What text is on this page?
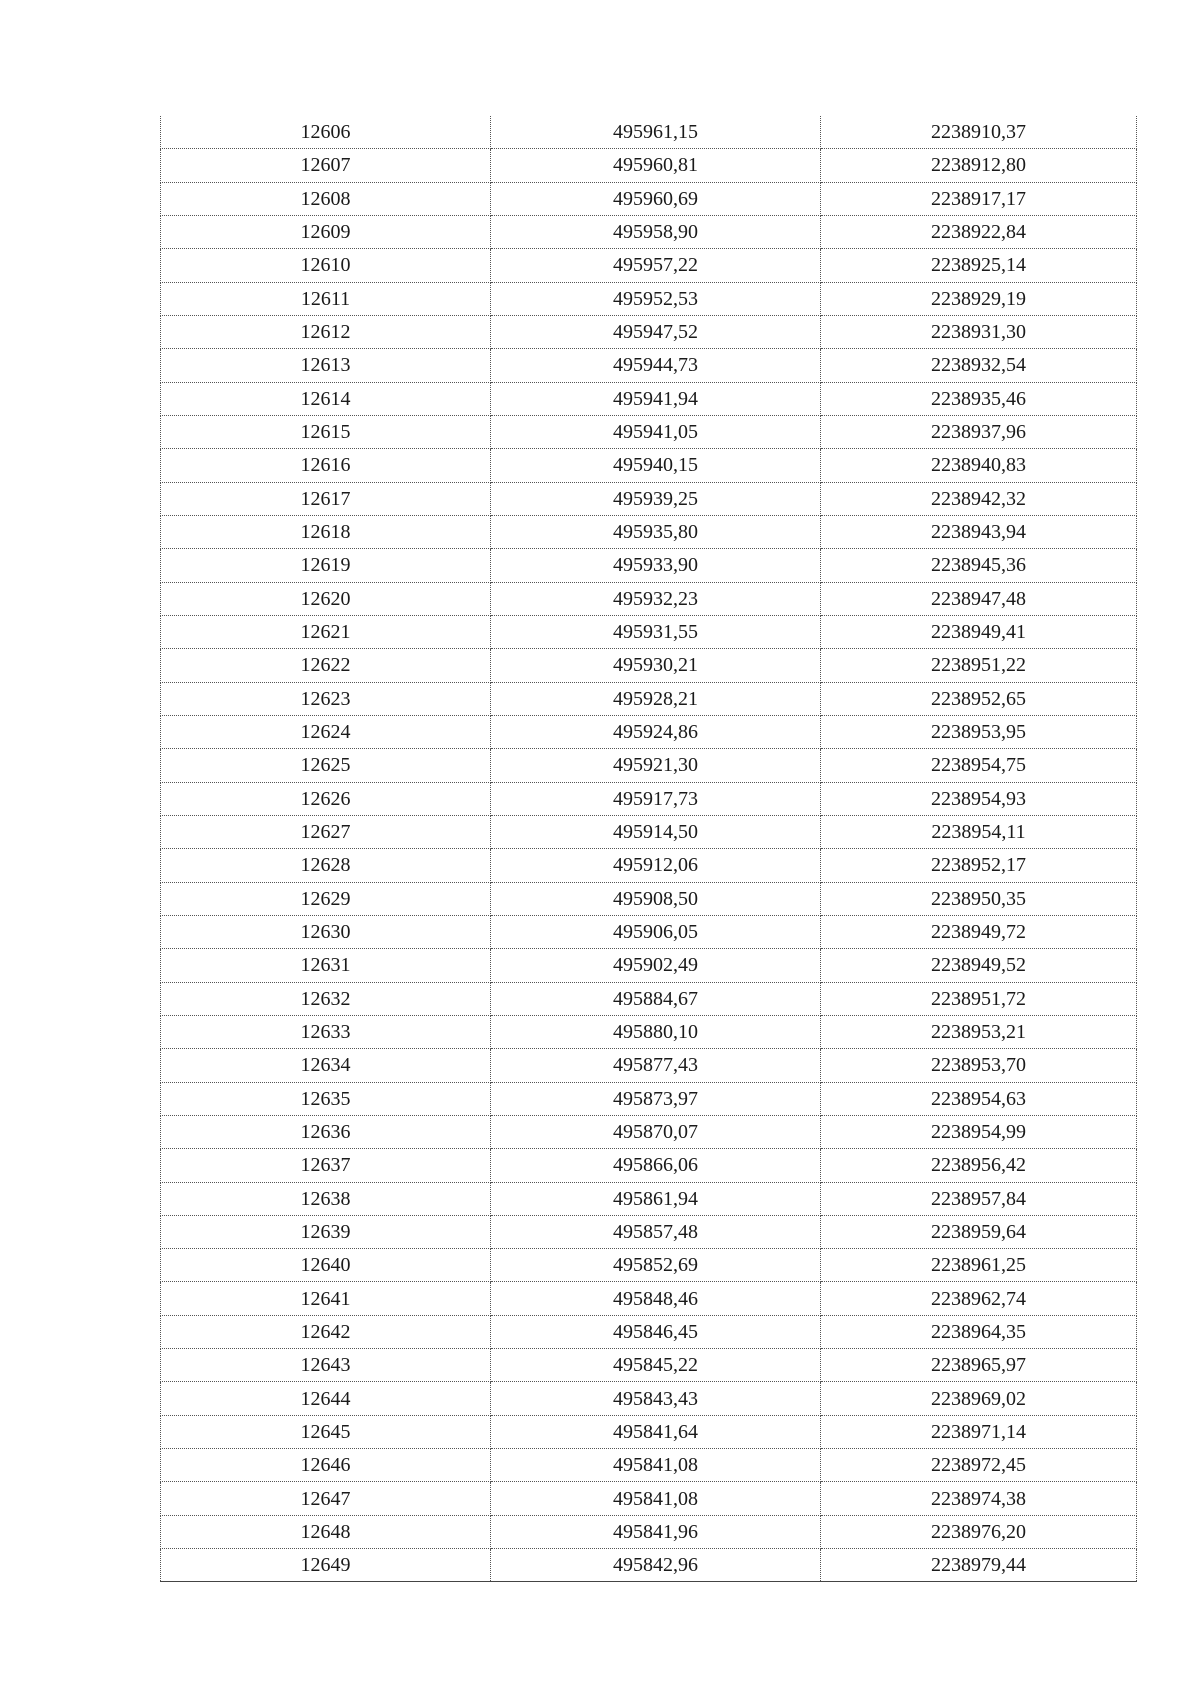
12606	495961,15	2238910,37
12607	495960,81	2238912,80
12608	495960,69	2238917,17
12609	495958,90	2238922,84
12610	495957,22	2238925,14
12611	495952,53	2238929,19
12612	495947,52	2238931,30
12613	495944,73	2238932,54
12614	495941,94	2238935,46
12615	495941,05	2238937,96
12616	495940,15	2238940,83
12617	495939,25	2238942,32
12618	495935,80	2238943,94
12619	495933,90	2238945,36
12620	495932,23	2238947,48
12621	495931,55	2238949,41
12622	495930,21	2238951,22
12623	495928,21	2238952,65
12624	495924,86	2238953,95
12625	495921,30	2238954,75
12626	495917,73	2238954,93
12627	495914,50	2238954,11
12628	495912,06	2238952,17
12629	495908,50	2238950,35
12630	495906,05	2238949,72
12631	495902,49	2238949,52
12632	495884,67	2238951,72
12633	495880,10	2238953,21
12634	495877,43	2238953,70
12635	495873,97	2238954,63
12636	495870,07	2238954,99
12637	495866,06	2238956,42
12638	495861,94	2238957,84
12639	495857,48	2238959,64
12640	495852,69	2238961,25
12641	495848,46	2238962,74
12642	495846,45	2238964,35
12643	495845,22	2238965,97
12644	495843,43	2238969,02
12645	495841,64	2238971,14
12646	495841,08	2238972,45
12647	495841,08	2238974,38
12648	495841,96	2238976,20
12649	495842,96	2238979,44
